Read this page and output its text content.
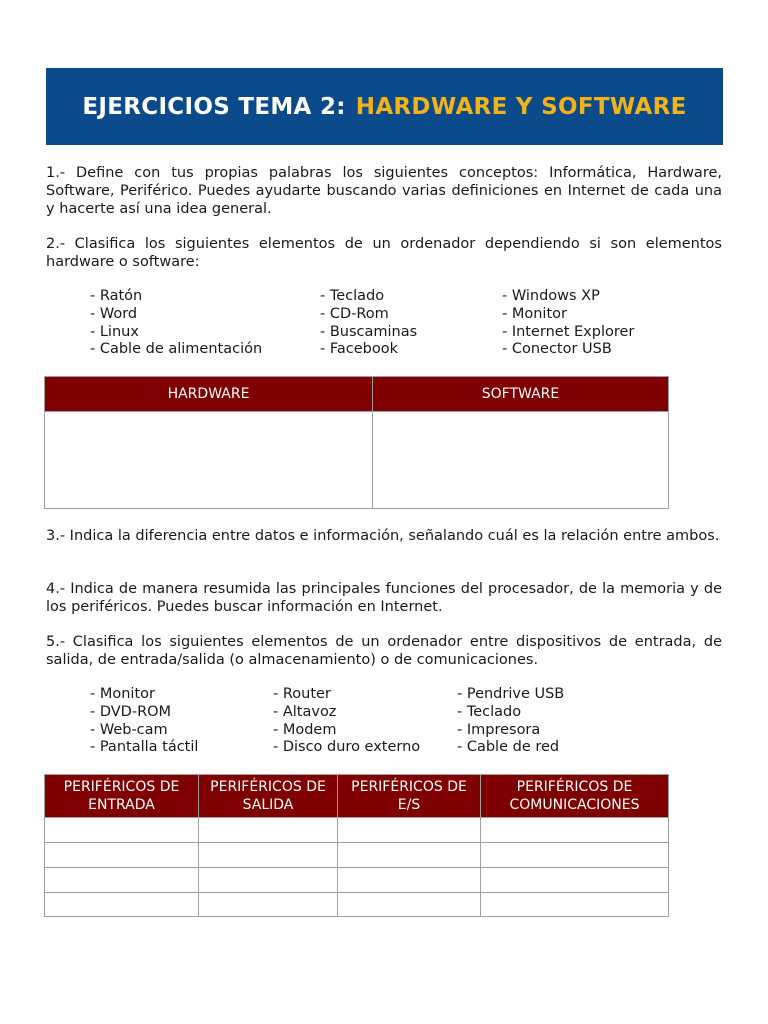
EJERCICIOS TEMA 2: HARDWARE Y SOFTWARE
1.- Define con tus propias palabras los siguientes conceptos: Informática, Hardware, Software, Periférico. Puedes ayudarte buscando varias definiciones en Internet de cada una y hacerte así una idea general.
2.- Clasifica los siguientes elementos de un ordenador dependiendo si son elementos hardware o software:
- Ratón
- Word
- Linux
- Cable de alimentación
- Teclado
- CD-Rom
- Buscaminas
- Facebook
- Windows XP
- Monitor
- Internet Explorer
- Conector USB
HARDWARE	SOFTWARE

3.- Indica la diferencia entre datos e información, señalando cuál es la relación entre ambos.
4.- Indica de manera resumida las principales funciones del procesador, de la memoria y de los periféricos. Puedes buscar información en Internet.
5.- Clasifica los siguientes elementos de un ordenador entre dispositivos de entrada, de salida, de entrada/salida (o almacenamiento) o de comunicaciones.
- Monitor
- DVD-ROM
- Web-cam
- Pantalla táctil
- Router
- Altavoz
- Modem
- Disco duro externo
- Pendrive USB
- Teclado
- Impresora
- Cable de red
PERIFÉRICOS DE ENTRADA	PERIFÉRICOS DE SALIDA	PERIFÉRICOS DE E/S	PERIFÉRICOS DE COMUNICACIONES
